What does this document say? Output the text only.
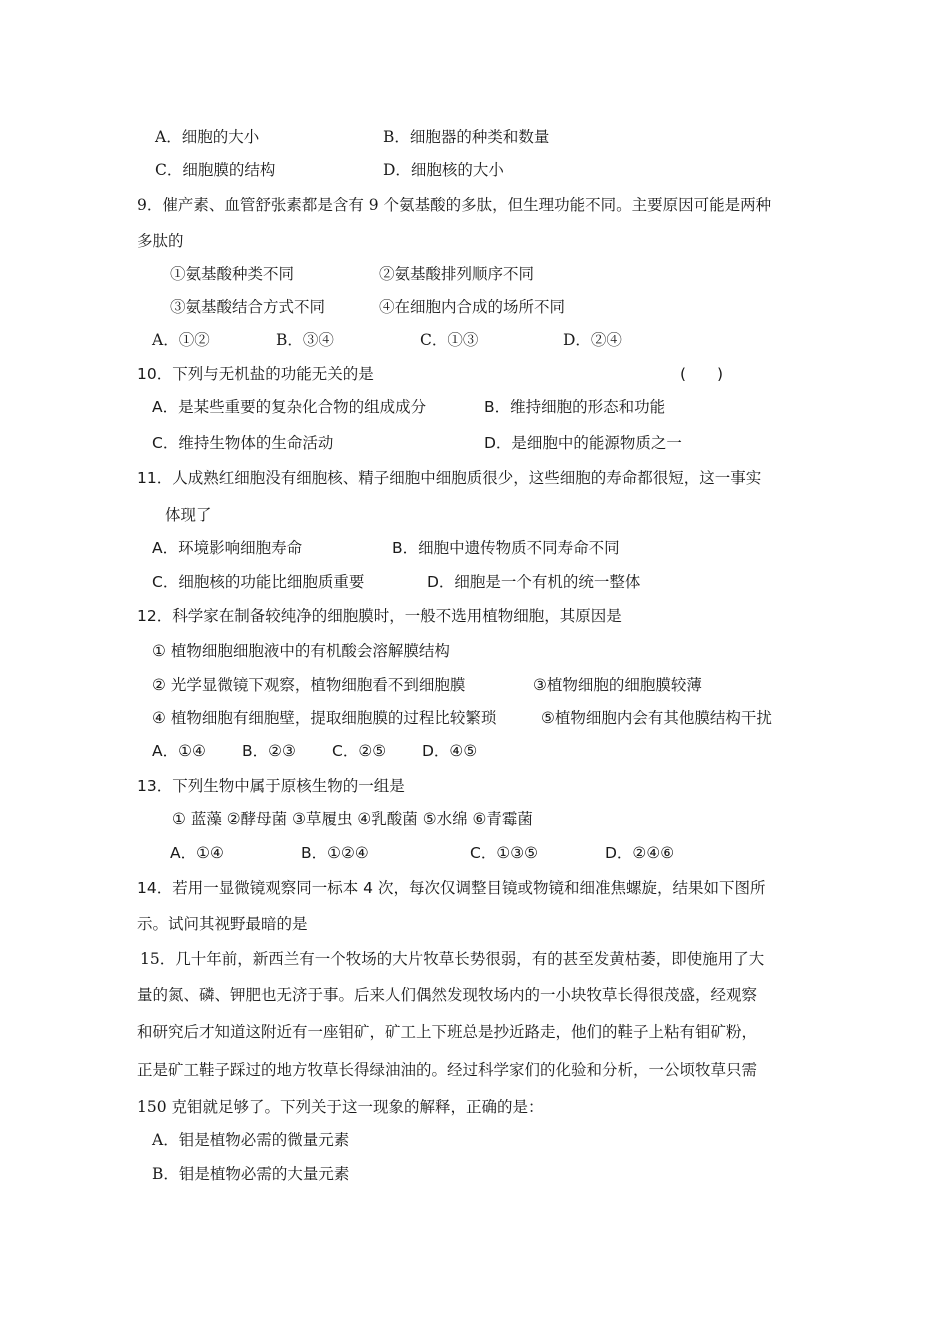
A．细胞的大小	B．细胞器的种类和数量
C．细胞膜的结构	D．细胞核的大小
9．催产素、血管舒张素都是含有 9 个氨基酸的多肽，但生理功能不同。主要原因可能是两种
多肽的
①氨基酸种类不同	②氨基酸排列顺序不同
③氨基酸结合方式不同	④在细胞内合成的场所不同
A．①②	B．③④	C．①③	D．②④
10．下列与无机盐的功能无关的是	(　　)
A．是某些重要的复杂化合物的组成成分	B．维持细胞的形态和功能
C．维持生物体的生命活动	D．是细胞中的能源物质之一
11．人成熟红细胞没有细胞核、精子细胞中细胞质很少，这些细胞的寿命都很短，这一事实
体现了
A．环境影响细胞寿命	B．细胞中遗传物质不同寿命不同
C．细胞核的功能比细胞质重要	D．细胞是一个有机的统一整体
12．科学家在制备较纯净的细胞膜时，一般不选用植物细胞，其原因是
① 植物细胞细胞液中的有机酸会溶解膜结构
② 光学显微镜下观察，植物细胞看不到细胞膜	③植物细胞的细胞膜较薄
④ 植物细胞有细胞壁，提取细胞膜的过程比较繁琐	⑤植物细胞内会有其他膜结构干扰
A．①④ B．②③ C．②⑤ D．④⑤
13．下列生物中属于原核生物的一组是
① 蓝藻 ②酵母菌 ③草履虫 ④乳酸菌 ⑤水绵 ⑥青霉菌
A．①④	B．①②④	C．①③⑤	D．②④⑥
14．若用一显微镜观察同一标本 4 次，每次仅调整目镜或物镜和细准焦螺旋，结果如下图所
示。试问其视野最暗的是
15．几十年前，新西兰有一个牧场的大片牧草长势很弱，有的甚至发黄枯萎，即使施用了大
量的氮、磷、钾肥也无济于事。后来人们偶然发现牧场内的一小块牧草长得很茂盛，经观察
和研究后才知道这附近有一座钼矿，矿工上下班总是抄近路走，他们的鞋子上粘有钼矿粉，
正是矿工鞋子踩过的地方牧草长得绿油油的。经过科学家们的化验和分析，一公顷牧草只需
150 克钼就足够了。下列关于这一现象的解释，正确的是：
A．钼是植物必需的微量元素
B．钼是植物必需的大量元素
